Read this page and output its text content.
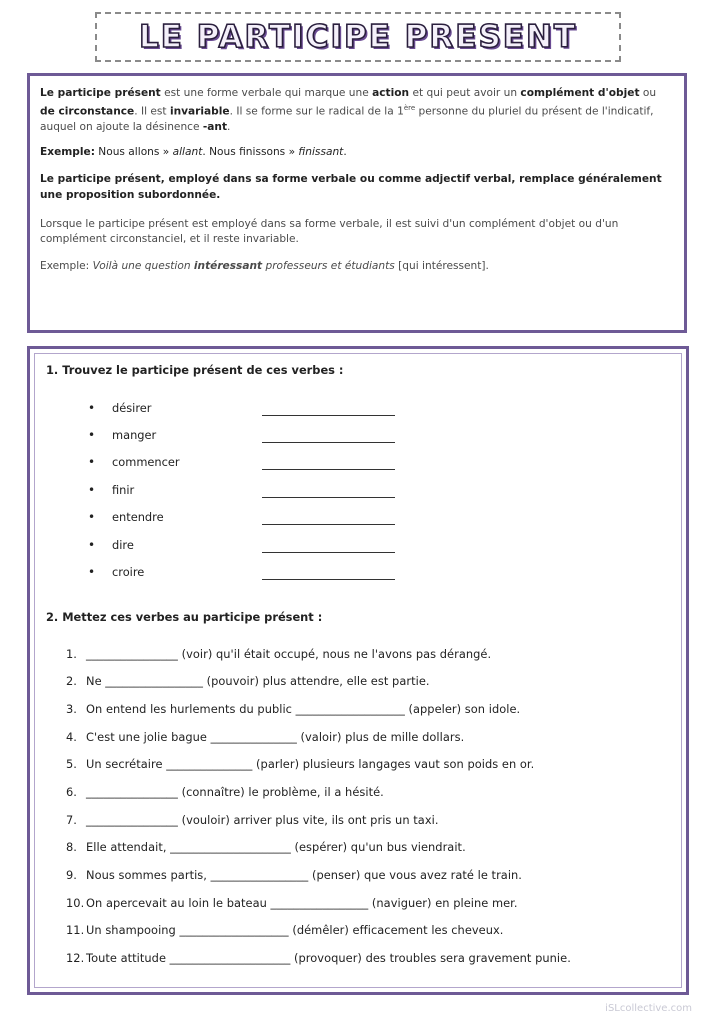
LE PARTICIPE PRESENT

Le participe présent est une forme verbale qui marque une action et qui peut avoir un complément d'objet ou de circonstance. Il est invariable. Il se forme sur le radical de la 1ère personne du pluriel du présent de l'indicatif, auquel on ajoute la désinence -ant.

Exemple: Nous allons » allant. Nous finissons » finissant.

Le participe présent, employé dans sa forme verbale ou comme adjectif verbal, remplace généralement une proposition subordonnée.

Lorsque le participe présent est employé dans sa forme verbale, il est suivi d'un complément d'objet ou d'un complément circonstanciel, et il reste invariable.

Exemple: Voilà une question intéressant professeurs et étudiants [qui intéressent].

1. Trouvez le participe présent de ces verbes :
•	désirer
•	manger
•	commencer
•	finir
•	entendre
•	dire
•	croire
2. Mettez ces verbes au participe présent :
1. ________________ (voir) qu'il était occupé, nous ne l'avons pas dérangé.
2. Ne _________________ (pouvoir) plus attendre, elle est partie.
3. On entend les hurlements du public ___________________ (appeler) son idole.
4. C'est une jolie bague _______________ (valoir) plus de mille dollars.
5. Un secrétaire _______________ (parler) plusieurs langages vaut son poids en or.
6. ________________ (connaître) le problème, il a hésité.
7. ________________ (vouloir) arriver plus vite, ils ont pris un taxi.
8. Elle attendait, _____________________ (espérer) qu'un bus viendrait.
9. Nous sommes partis, _________________ (penser) que vous avez raté le train.
10. On apercevait au loin le bateau _________________ (naviguer) en pleine mer.
11. Un shampooing ___________________ (démêler) efficacement les cheveux.
12. Toute attitude _____________________ (provoquer) des troubles sera gravement punie.
iSLcollective.com
